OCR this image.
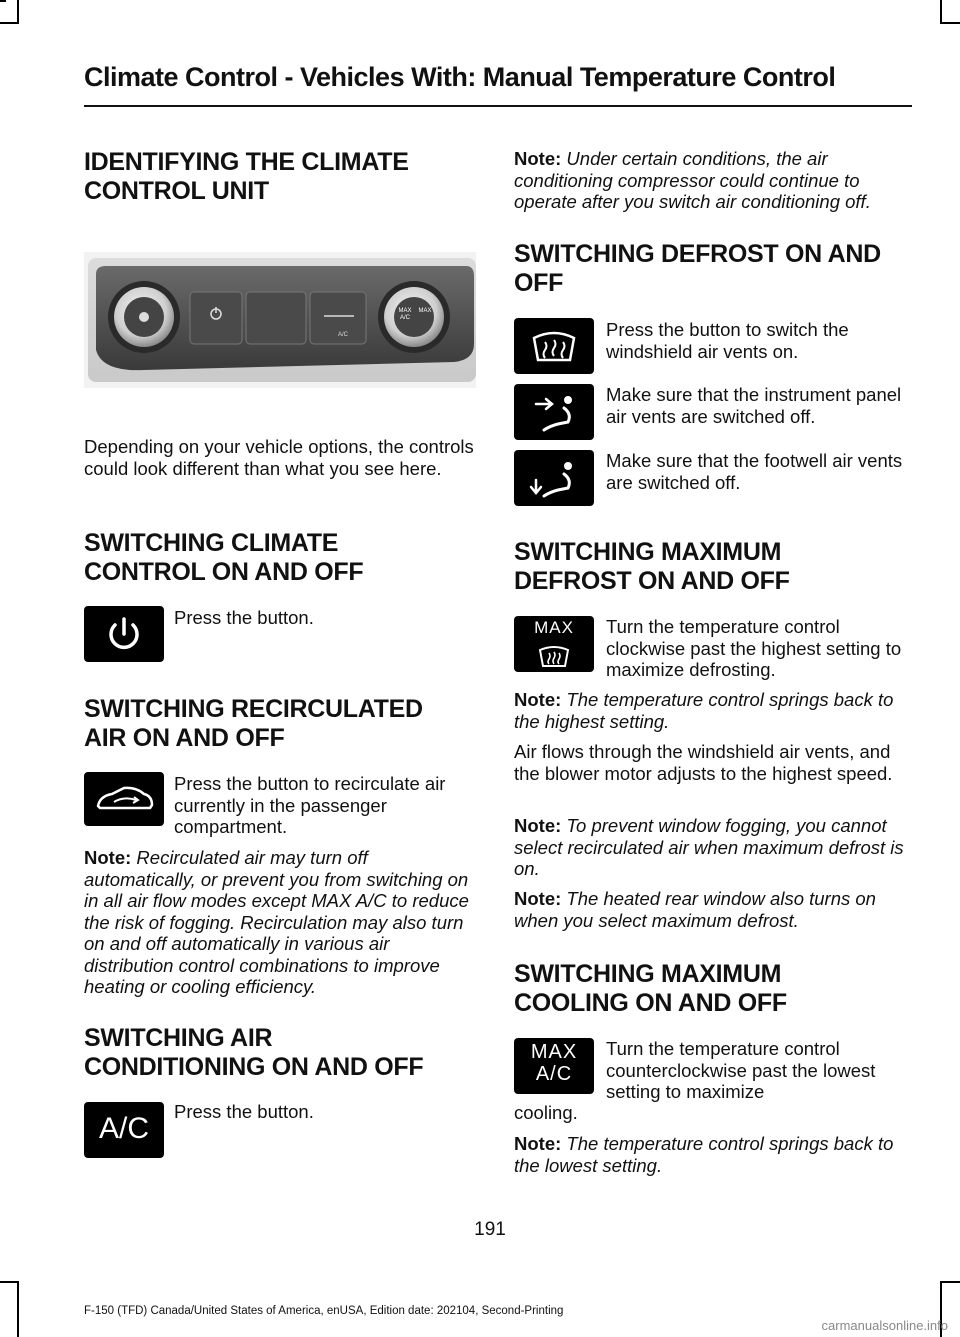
Climate Control - Vehicles With: Manual Temperature Control
IDENTIFYING THE CLIMATE
CONTROL UNIT
MAX
A/C
MAX
A/C
Depending on your vehicle options, the controls could look different than what you see here.
SWITCHING CLIMATE
CONTROL ON AND OFF
Press the button.
SWITCHING RECIRCULATED
AIR ON AND OFF
Press the button to recirculate air currently in the passenger compartment.
Note: Recirculated air may turn off automatically, or prevent you from switching on in all air flow modes except MAX A/C to reduce the risk of fogging. Recirculation may also turn on and off automatically in various air distribution control combinations to improve heating or cooling efficiency.
SWITCHING AIR
CONDITIONING ON AND OFF
A/C
Press the button.
Note: Under certain conditions, the air conditioning compressor could continue to operate after you switch air conditioning off.
SWITCHING DEFROST ON AND
OFF
Press the button to switch the windshield air vents on.
Make sure that the instrument panel air vents are switched off.
Make sure that the footwell air vents are switched off.
SWITCHING MAXIMUM
DEFROST ON AND OFF
MAX	Turn the temperature control clockwise past the highest setting to maximize defrosting.
Note: The temperature control springs back to the highest setting.
Air flows through the windshield air vents, and the blower motor adjusts to the highest speed.
Note: To prevent window fogging, you cannot select recirculated air when maximum defrost is on.
Note: The heated rear window also turns on when you select maximum defrost.
SWITCHING MAXIMUM
COOLING ON AND OFF
MAX
A/C
Turn the temperature control counterclockwise past the lowest setting to maximize
cooling.
Note: The temperature control springs back to the lowest setting.
191
F-150 (TFD) Canada/United States of America, enUSA, Edition date: 202104, Second-Printing
carmanualsonline.info
